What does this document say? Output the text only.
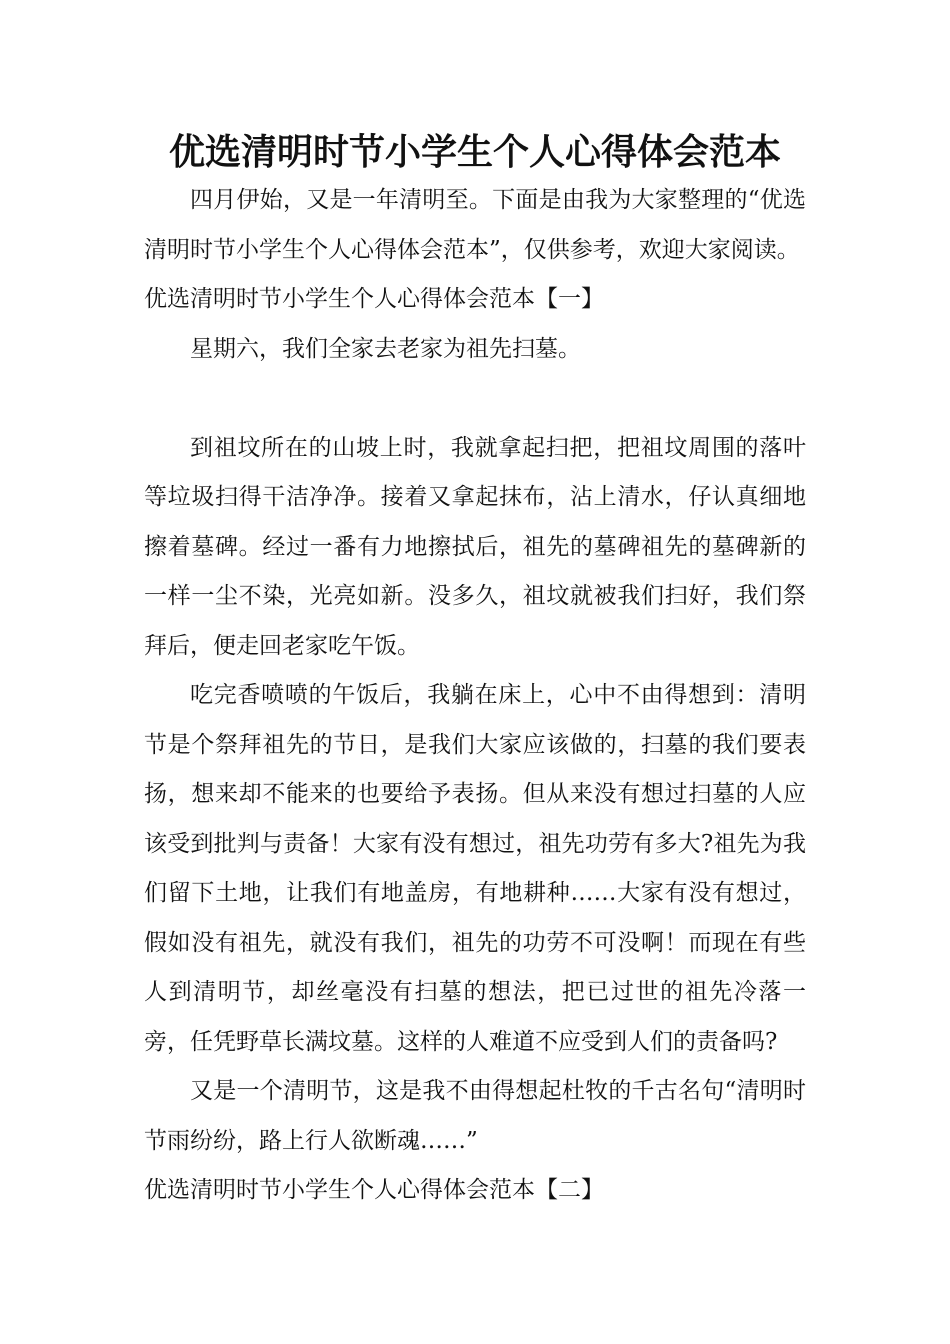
优选清明时节小学生个人心得体会范本

四月伊始，又是一年清明至。下面是由我为大家整理的“优选清明时节小学生个人心得体会范本”，仅供参考，欢迎大家阅读。

优选清明时节小学生个人心得体会范本【一】

星期六，我们全家去老家为祖先扫墓。

到祖坟所在的山坡上时，我就拿起扫把，把祖坟周围的落叶等垃圾扫得干洁净净。接着又拿起抹布，沾上清水，仔认真细地擦着墓碑。经过一番有力地擦拭后，祖先的墓碑祖先的墓碑新的一样一尘不染，光亮如新。没多久，祖坟就被我们扫好，我们祭拜后，便走回老家吃午饭。

吃完香喷喷的午饭后，我躺在床上，心中不由得想到：清明节是个祭拜祖先的节日，是我们大家应该做的，扫墓的我们要表扬，想来却不能来的也要给予表扬。但从来没有想过扫墓的人应该受到批判与责备！大家有没有想过，祖先功劳有多大?祖先为我们留下土地，让我们有地盖房，有地耕种……大家有没有想过，假如没有祖先，就没有我们，祖先的功劳不可没啊！而现在有些人到清明节，却丝毫没有扫墓的想法，把已过世的祖先冷落一旁，任凭野草长满坟墓。这样的人难道不应受到人们的责备吗?

又是一个清明节，这是我不由得想起杜牧的千古名句“清明时节雨纷纷，路上行人欲断魂……”

优选清明时节小学生个人心得体会范本【二】
